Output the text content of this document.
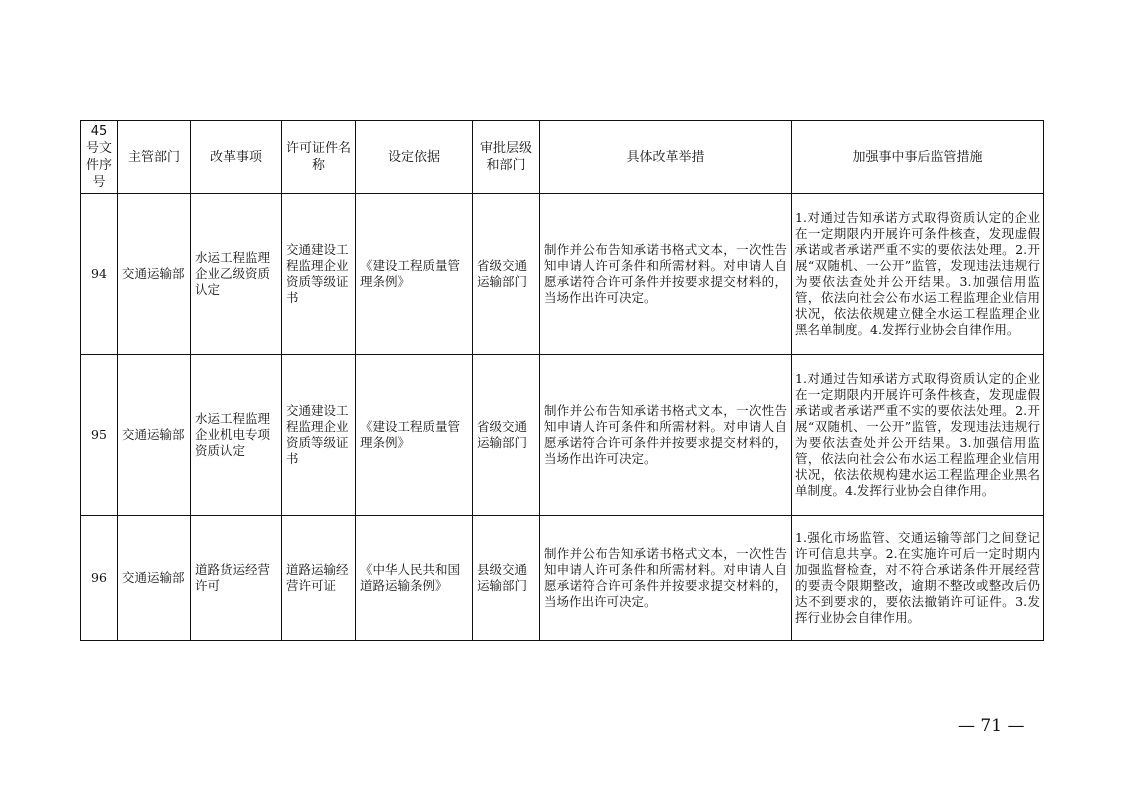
45号文件序号	主管部门	改革事项	许可证件名称	设定依据	审批层级和部门	具体改革举措	加强事中事后监管措施
94	交通运输部	水运工程监理企业乙级资质认定	交通建设工程监理企业资质等级证书	《建设工程质量管理条例》	省级交通运输部门	制作并公布告知承诺书格式文本，一次性告知申请人许可条件和所需材料。对申请人自愿承诺符合许可条件并按要求提交材料的，当场作出许可决定。	1.对通过告知承诺方式取得资质认定的企业在一定期限内开展许可条件核查，发现虚假承诺或者承诺严重不实的要依法处理。2.开展“双随机、一公开”监管，发现违法违规行为要依法查处并公开结果。3.加强信用监管，依法向社会公布水运工程监理企业信用状况，依法依规建立健全水运工程监理企业黑名单制度。4.发挥行业协会自律作用。
95	交通运输部	水运工程监理企业机电专项资质认定	交通建设工程监理企业资质等级证书	《建设工程质量管理条例》	省级交通运输部门	制作并公布告知承诺书格式文本，一次性告知申请人许可条件和所需材料。对申请人自愿承诺符合许可条件并按要求提交材料的，当场作出许可决定。	1.对通过告知承诺方式取得资质认定的企业在一定期限内开展许可条件核查，发现虚假承诺或者承诺严重不实的要依法处理。2.开展“双随机、一公开”监管，发现违法违规行为要依法查处并公开结果。3.加强信用监管，依法向社会公布水运工程监理企业信用状况，依法依规构建水运工程监理企业黑名单制度。4.发挥行业协会自律作用。
96	交通运输部	道路货运经营许可	道路运输经营许可证	《中华人民共和国道路运输条例》	县级交通运输部门	制作并公布告知承诺书格式文本，一次性告知申请人许可条件和所需材料。对申请人自愿承诺符合许可条件并按要求提交材料的，当场作出许可决定。	1.强化市场监管、交通运输等部门之间登记许可信息共享。2.在实施许可后一定时期内加强监督检查，对不符合承诺条件开展经营的要责令限期整改，逾期不整改或整改后仍达不到要求的，要依法撤销许可证件。3.发挥行业协会自律作用。
— 71 —
